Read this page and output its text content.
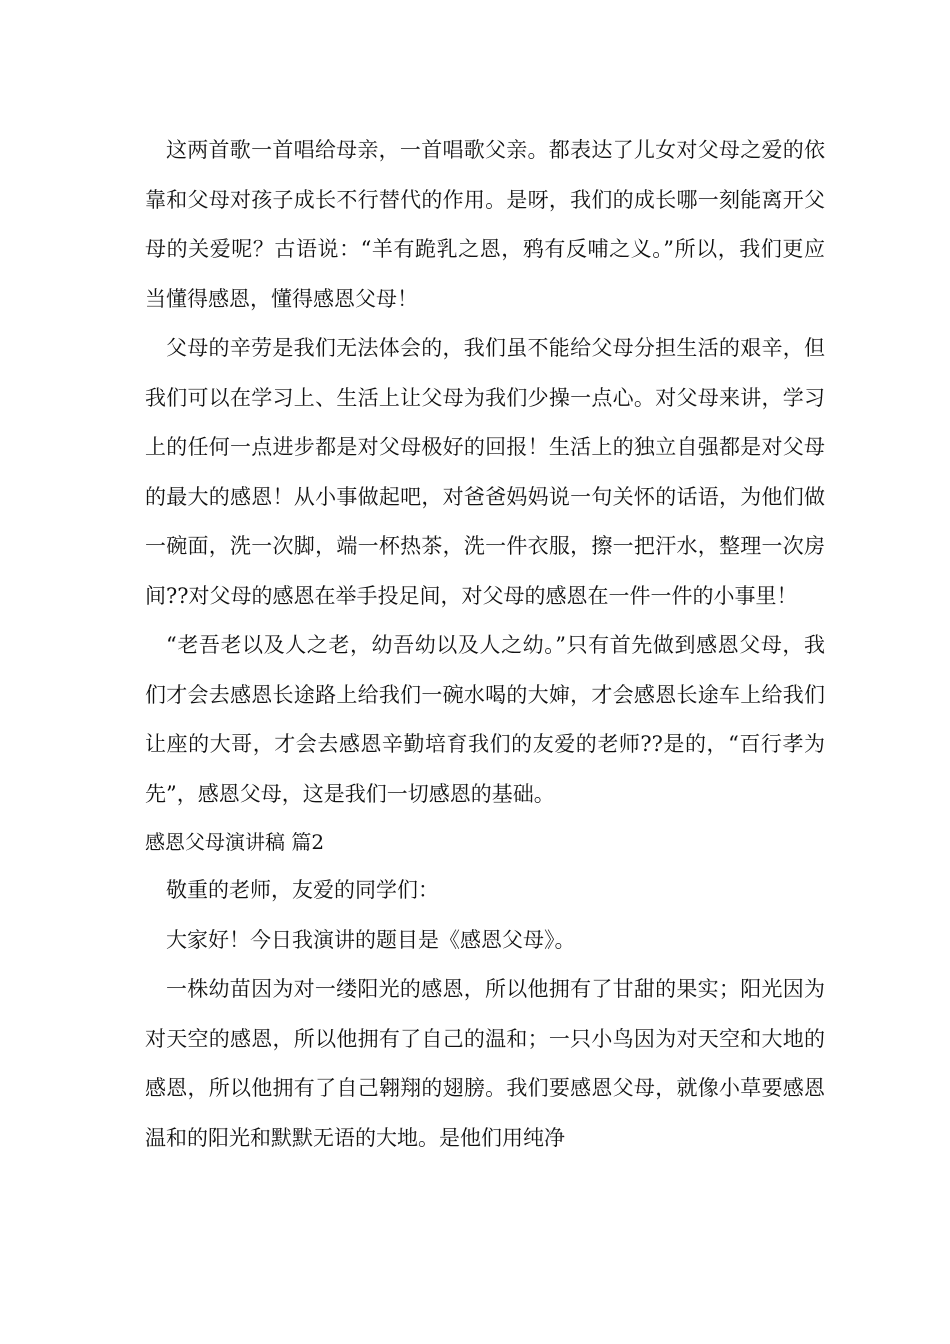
这两首歌一首唱给母亲，一首唱歌父亲。都表达了儿女对父母之爱的依靠和父母对孩子成长不行替代的作用。是呀，我们的成长哪一刻能离开父母的关爱呢？古语说：“羊有跪乳之恩，鸦有反哺之义。”所以，我们更应当懂得感恩，懂得感恩父母！

父母的辛劳是我们无法体会的，我们虽不能给父母分担生活的艰辛，但我们可以在学习上、生活上让父母为我们少操一点心。对父母来讲，学习上的任何一点进步都是对父母极好的回报！生活上的独立自强都是对父母的最大的感恩！从小事做起吧，对爸爸妈妈说一句关怀的话语，为他们做一碗面，洗一次脚，端一杯热茶，洗一件衣服，擦一把汗水，整理一次房间??对父母的感恩在举手投足间，对父母的感恩在一件一件的小事里！

“老吾老以及人之老，幼吾幼以及人之幼。”只有首先做到感恩父母，我们才会去感恩长途路上给我们一碗水喝的大婶，才会感恩长途车上给我们让座的大哥，才会去感恩辛勤培育我们的友爱的老师??是的，“百行孝为先”，感恩父母，这是我们一切感恩的基础。

感恩父母演讲稿 篇2

敬重的老师，友爱的同学们：

大家好！今日我演讲的题目是《感恩父母》。

一株幼苗因为对一缕阳光的感恩，所以他拥有了甘甜的果实；阳光因为对天空的感恩，所以他拥有了自己的温和；一只小鸟因为对天空和大地的感恩，所以他拥有了自己翱翔的翅膀。我们要感恩父母，就像小草要感恩温和的阳光和默默无语的大地。是他们用纯净
